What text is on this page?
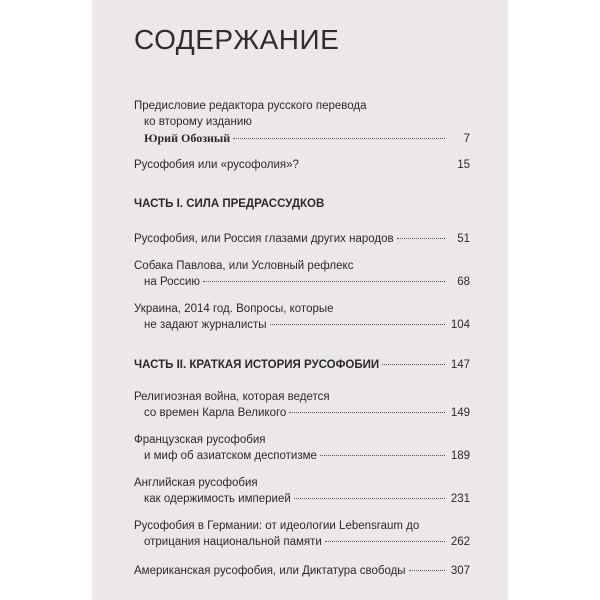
СОДЕРЖАНИЕ
Предисловие редактора русского перевода
ко второму изданию
Юрий Обозный	7
Русофобия или «русофолия»?	15
ЧАСТЬ I. СИЛА ПРЕДРАССУДКОВ
Русофобия, или Россия глазами других народов	51
Собака Павлова, или Условный рефлекс
на Россию	68
Украина, 2014 год. Вопросы, которые
не задают журналисты	104
ЧАСТЬ II. КРАТКАЯ ИСТОРИЯ РУСОФОБИИ	147
Религиозная война, которая ведется
со времен Карла Великого	149
Французская русофобия
и миф об азиатском деспотизме	189
Английская русофобия
как одержимость империей	231
Русофобия в Германии: от идеологии Lebensraum до
отрицания национальной памяти	262
Американская русофобия, или Диктатура свободы	307
